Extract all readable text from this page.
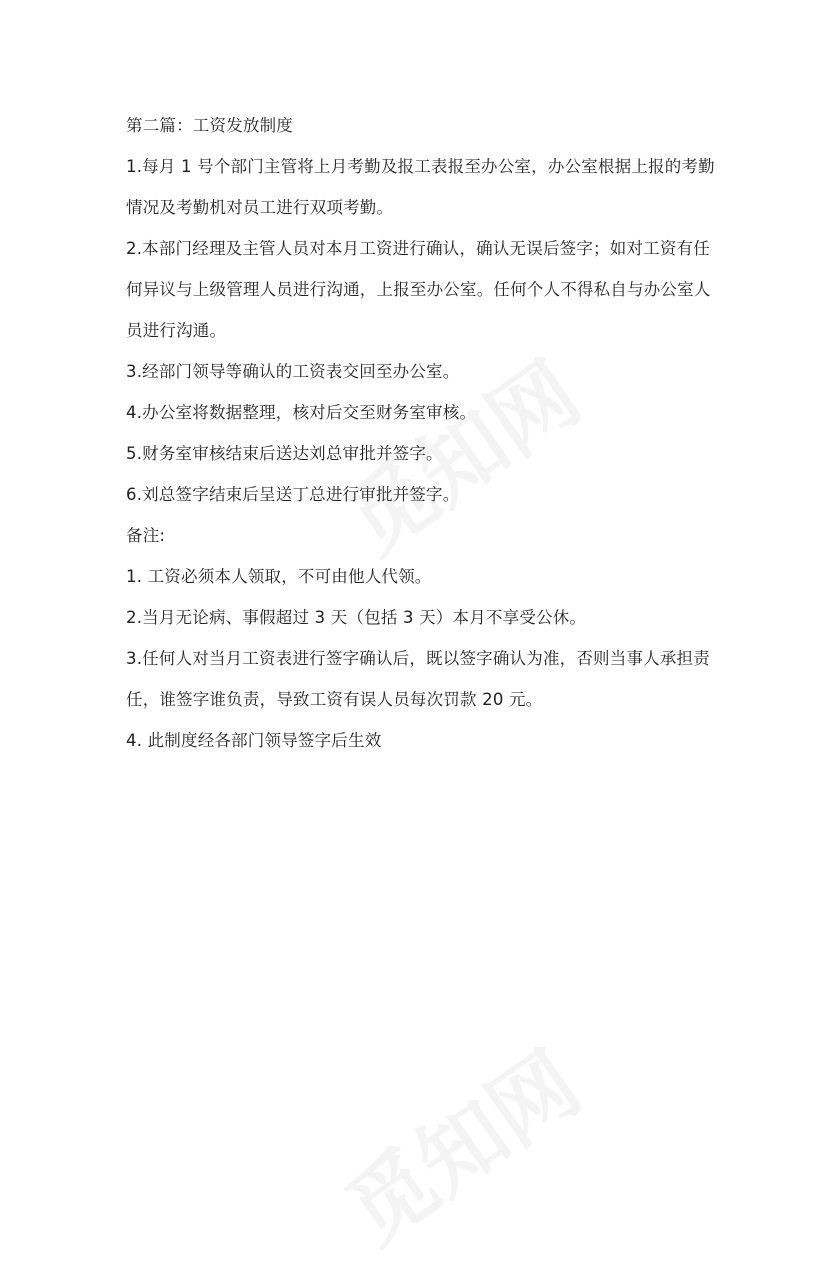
第二篇：工资发放制度

1.每月 1 号个部门主管将上月考勤及报工表报至办公室，办公室根据上报的考勤

情况及考勤机对员工进行双项考勤。

2.本部门经理及主管人员对本月工资进行确认，确认无误后签字；如对工资有任

何异议与上级管理人员进行沟通，上报至办公室。任何个人不得私自与办公室人

员进行沟通。

3.经部门领导等确认的工资表交回至办公室。

4.办公室将数据整理，核对后交至财务室审核。

5.财务室审核结束后送达刘总审批并签字。

6.刘总签字结束后呈送丁总进行审批并签字。

备注:

1. 工资必须本人领取，不可由他人代领。

2.当月无论病、事假超过 3 天（包括 3 天）本月不享受公休。

3.任何人对当月工资表进行签字确认后，既以签字确认为准，否则当事人承担责

任，谁签字谁负责，导致工资有误人员每次罚款 20 元。

4. 此制度经各部门领导签字后生效
